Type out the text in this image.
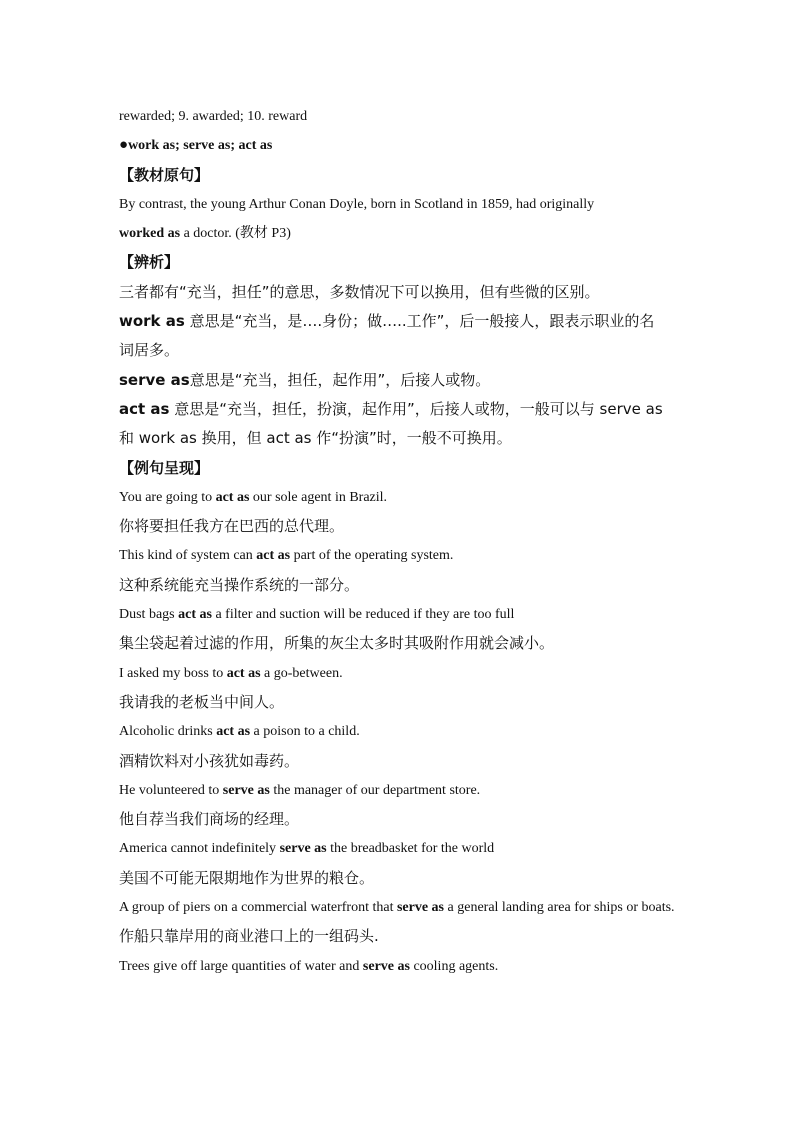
rewarded; 9. awarded; 10. reward
●work as; serve as; act as
【教材原句】
By contrast, the young Arthur Conan Doyle, born in Scotland in 1859, had originally
worked as a doctor. (教材 P3)
【辨析】
三者都有“充当，担任”的意思，多数情况下可以换用，但有些微的区别。
work as 意思是“充当，是….身份；做…..工作”，后一般接人，跟表示职业的名
词居多。
serve as意思是“充当，担任，起作用”，后接人或物。
act as 意思是“充当，担任，扮演，起作用”，后接人或物，一般可以与 serve as
和 work as 换用，但 act as 作“扮演”时，一般不可换用。
【例句呈现】
You are going to act as our sole agent in Brazil.
你将要担任我方在巴西的总代理。
This kind of system can act as part of the operating system.
这种系统能充当操作系统的一部分。
Dust bags act as a filter and suction will be reduced if they are too full
集尘袋起着过滤的作用，所集的灰尘太多时其吸附作用就会减小。
I asked my boss to act as a go-between.
我请我的老板当中间人。
Alcoholic drinks act as a poison to a child.
酒精饮料对小孩犹如毒药。
He volunteered to serve as the manager of our department store.
他自荐当我们商场的经理。
America cannot indefinitely serve as the breadbasket for the world
美国不可能无限期地作为世界的粮仓。
A group of piers on a commercial waterfront that serve as a general landing area for ships or boats.
作船只靠岸用的商业港口上的一组码头.
Trees give off large quantities of water and serve as cooling agents.
